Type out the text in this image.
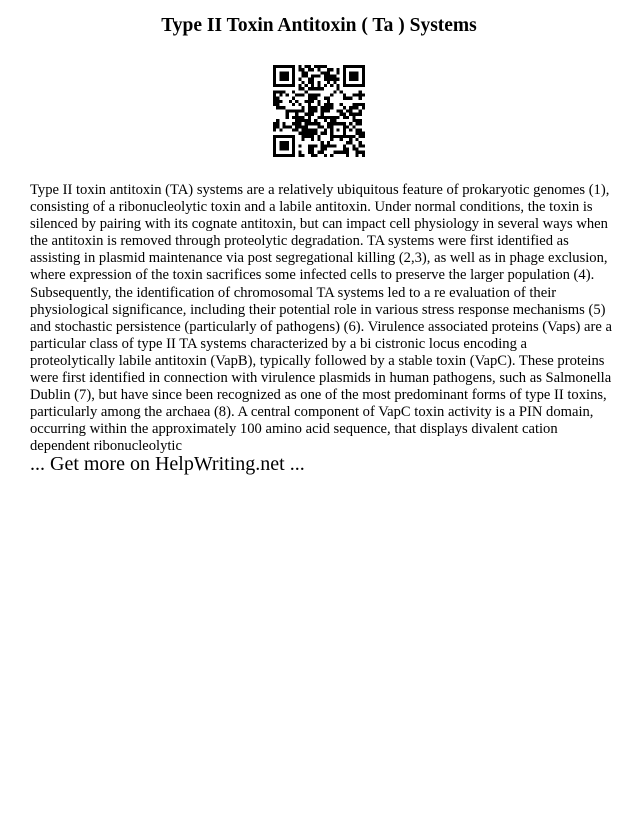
Type II Toxin Antitoxin ( Ta ) Systems

Type II toxin antitoxin (TA) systems are a relatively ubiquitous feature of prokaryotic genomes (1), consisting of a ribonucleolytic toxin and a labile antitoxin. Under normal conditions, the toxin is silenced by pairing with its cognate antitoxin, but can impact cell physiology in several ways when the antitoxin is removed through proteolytic degradation. TA systems were first identified as assisting in plasmid maintenance via post segregational killing (2,3), as well as in phage exclusion, where expression of the toxin sacrifices some infected cells to preserve the larger population (4). Subsequently, the identification of chromosomal TA systems led to a re evaluation of their physiological significance, including their potential role in various stress response mechanisms (5) and stochastic persistence (particularly of pathogens) (6). Virulence associated proteins (Vaps) are a particular class of type II TA systems characterized by a bi cistronic locus encoding a proteolytically labile antitoxin (VapB), typically followed by a stable toxin (VapC). These proteins were first identified in connection with virulence plasmids in human pathogens, such as Salmonella Dublin (7), but have since been recognized as one of the most predominant forms of type II toxins, particularly among the archaea (8). A central component of VapC toxin activity is a PIN domain, occurring within the approximately 100 amino acid sequence, that displays divalent cation dependent ribonucleolytic

... Get more on HelpWriting.net ...
